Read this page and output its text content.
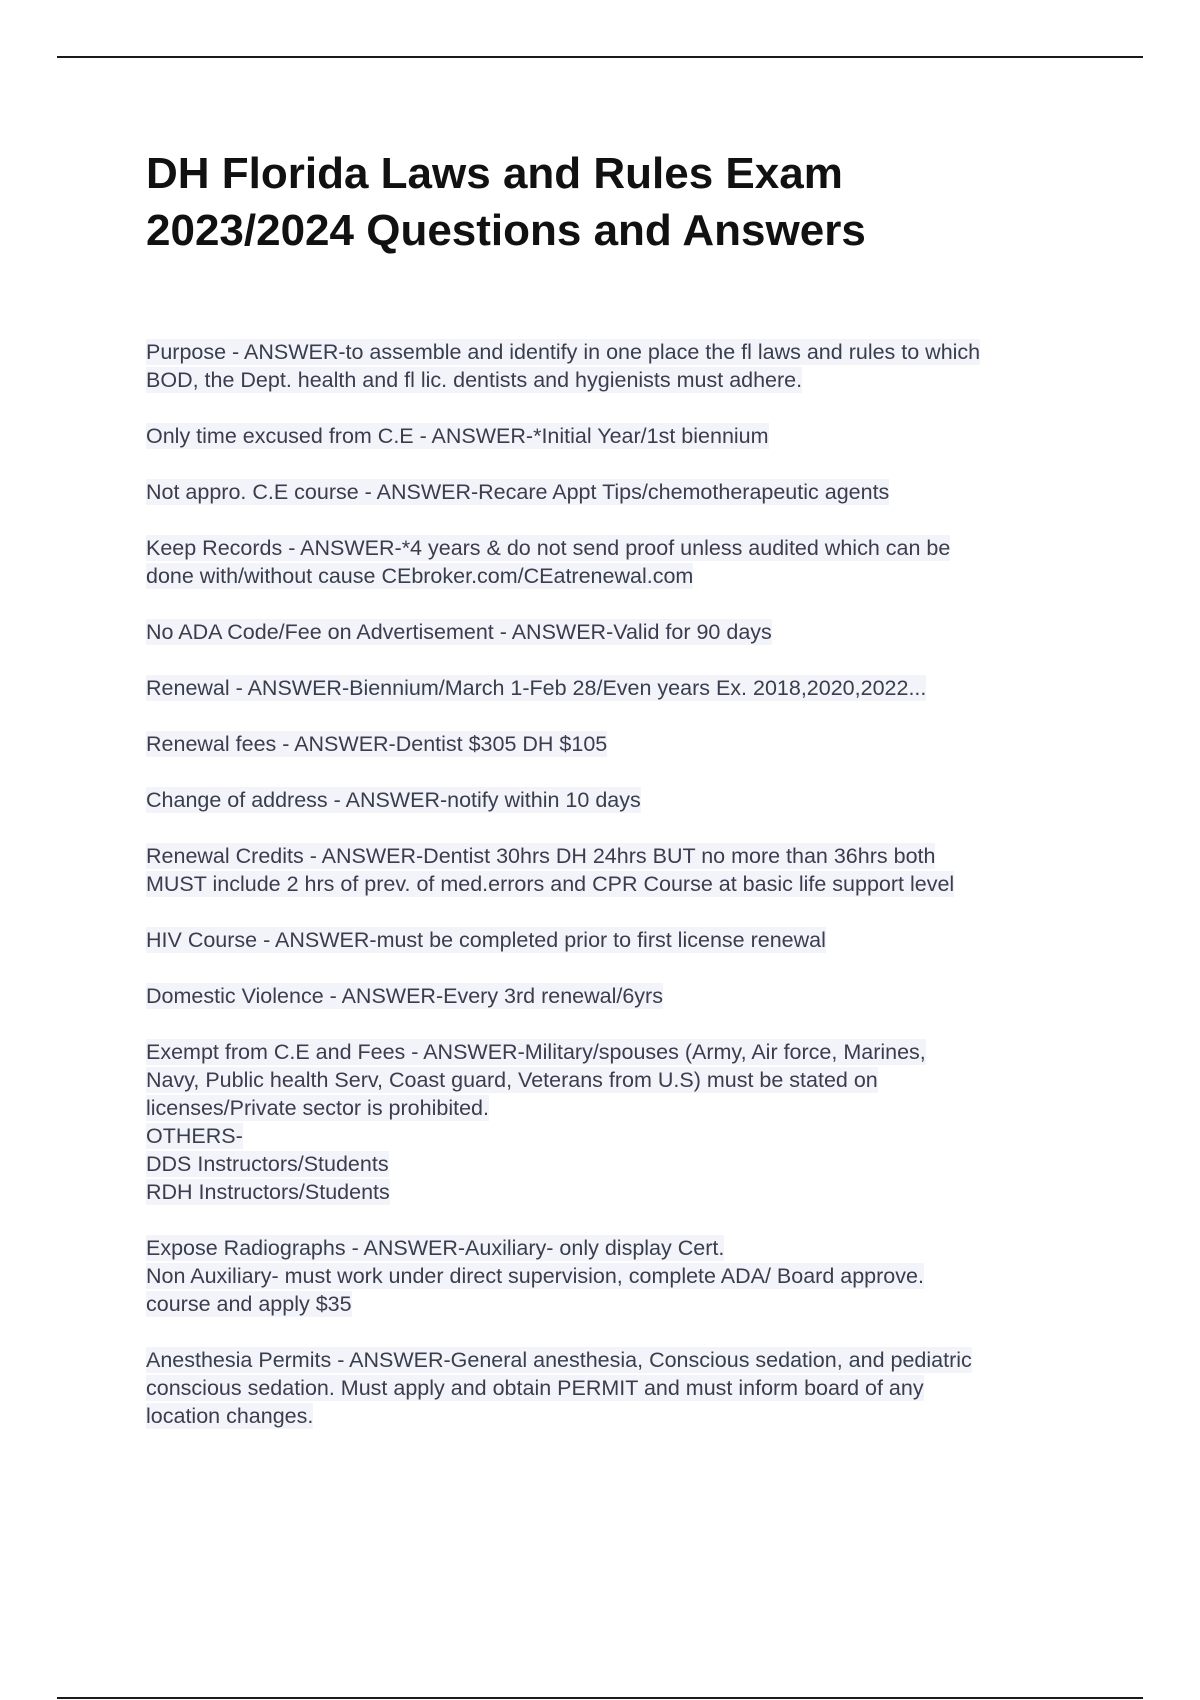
DH Florida Laws and Rules Exam
2023/2024 Questions and Answers
Purpose - ANSWER-to assemble and identify in one place the fl laws and rules to which
BOD, the Dept. health and fl lic. dentists and hygienists must adhere.
Only time excused from C.E - ANSWER-*Initial Year/1st biennium
Not appro. C.E course - ANSWER-Recare Appt Tips/chemotherapeutic agents
Keep Records - ANSWER-*4 years & do not send proof unless audited which can be
done with/without cause CEbroker.com/CEatrenewal.com
No ADA Code/Fee on Advertisement - ANSWER-Valid for 90 days
Renewal - ANSWER-Biennium/March 1-Feb 28/Even years Ex. 2018,2020,2022...
Renewal fees - ANSWER-Dentist $305 DH $105
Change of address - ANSWER-notify within 10 days
Renewal Credits - ANSWER-Dentist 30hrs DH 24hrs BUT no more than 36hrs both
MUST include 2 hrs of prev. of med.errors and CPR Course at basic life support level
HIV Course - ANSWER-must be completed prior to first license renewal
Domestic Violence - ANSWER-Every 3rd renewal/6yrs
Exempt from C.E and Fees - ANSWER-Military/spouses (Army, Air force, Marines,
Navy, Public health Serv, Coast guard, Veterans from U.S) must be stated on
licenses/Private sector is prohibited.
OTHERS-
DDS Instructors/Students
RDH Instructors/Students
Expose Radiographs - ANSWER-Auxiliary- only display Cert.
Non Auxiliary- must work under direct supervision, complete ADA/ Board approve.
course and apply $35
Anesthesia Permits - ANSWER-General anesthesia, Conscious sedation, and pediatric
conscious sedation. Must apply and obtain PERMIT and must inform board of any
location changes.
